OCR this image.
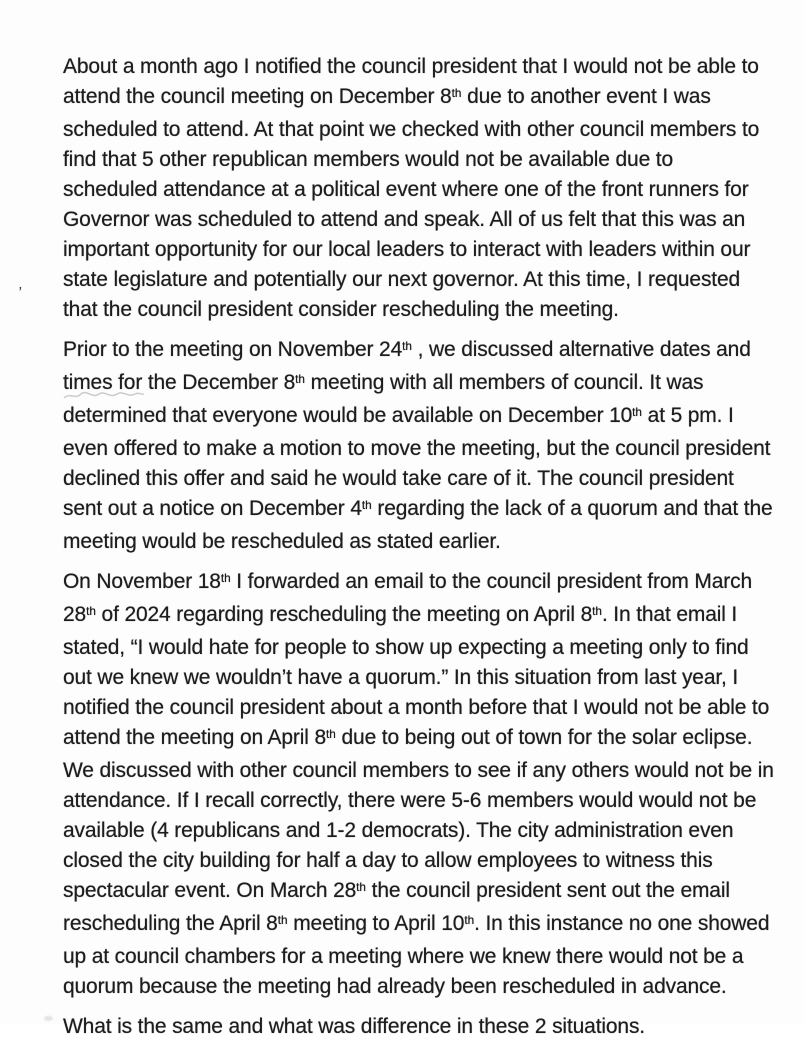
About a month ago I notified the council president that I would not be able to
attend the council meeting on December 8th due to another event I was
scheduled to attend. At that point we checked with other council members to
find that 5 other republican members would not be available due to
scheduled attendance at a political event where one of the front runners for
Governor was scheduled to attend and speak. All of us felt that this was an
important opportunity for our local leaders to interact with leaders within our
state legislature and potentially our next governor. At this time, I requested
that the council president consider rescheduling the meeting.

Prior to the meeting on November 24th , we discussed alternative dates and
times for the December 8th meeting with all members of council. It was
determined that everyone would be available on December 10th at 5 pm. I
even offered to make a motion to move the meeting, but the council president
declined this offer and said he would take care of it. The council president
sent out a notice on December 4th regarding the lack of a quorum and that the
meeting would be rescheduled as stated earlier.

On November 18th I forwarded an email to the council president from March
28th of 2024 regarding rescheduling the meeting on April 8th. In that email I
stated, “I would hate for people to show up expecting a meeting only to find
out we knew we wouldn’t have a quorum.” In this situation from last year, I
notified the council president about a month before that I would not be able to
attend the meeting on April 8th due to being out of town for the solar eclipse.
We discussed with other council members to see if any others would not be in
attendance. If I recall correctly, there were 5-6 members would would not be
available (4 republicans and 1-2 democrats). The city administration even
closed the city building for half a day to allow employees to witness this
spectacular event. On March 28th the council president sent out the email
rescheduling the April 8th meeting to April 10th. In this instance no one showed
up at council chambers for a meeting where we knew there would not be a
quorum because the meeting had already been rescheduled in advance.

What is the same and what was difference in these 2 situations.

’
